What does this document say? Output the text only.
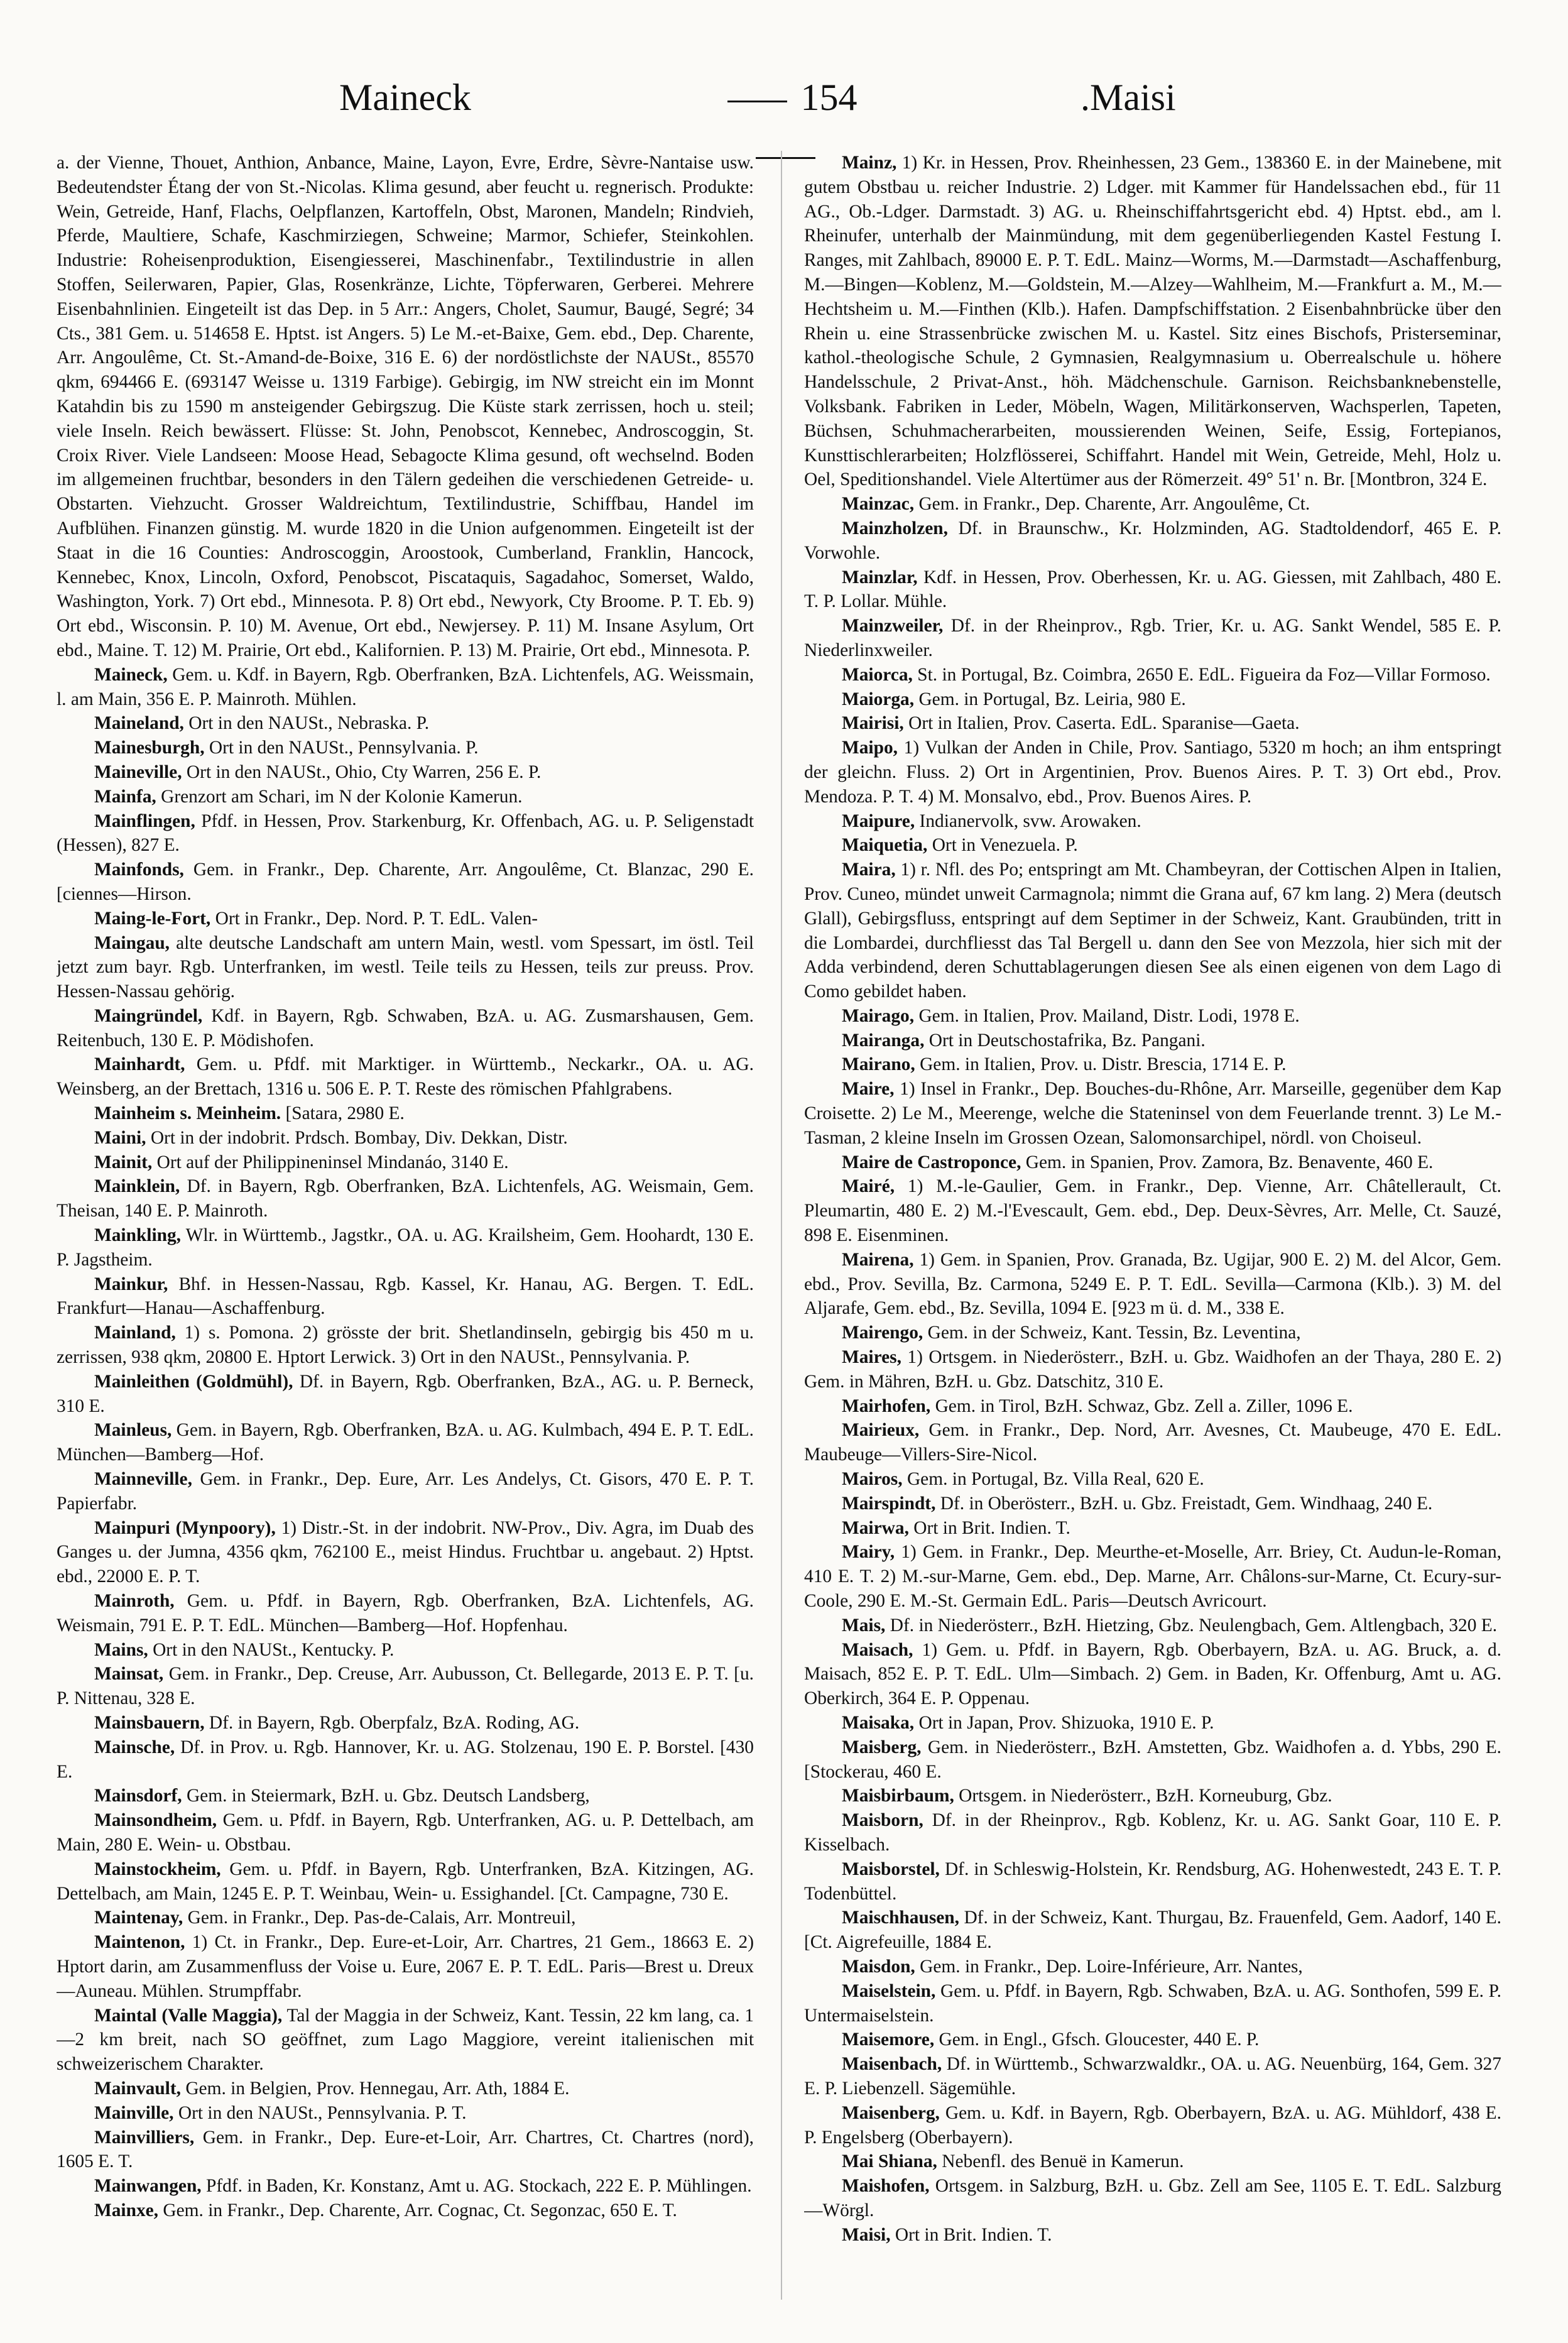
Maineck	154	.Maisi

a. der Vienne, Thouet, Anthion, Anbance, Maine, Layon, Evre, Erdre, Sèvre-Nantaise usw. Bedeutendster Étang der von St.-Nicolas. Klima gesund, aber feucht u. regnerisch. Produkte: Wein, Getreide, Hanf, Flachs, Oelpflanzen, Kartoffeln, Obst, Maronen, Mandeln; Rindvieh, Pferde, Maultiere, Schafe, Kaschmirziegen, Schweine; Marmor, Schiefer, Steinkohlen. Industrie: Roheisenproduktion, Eisengiesserei, Maschinenfabr., Textilindustrie in allen Stoffen, Seilerwaren, Papier, Glas, Rosenkränze, Lichte, Töpferwaren, Gerberei. Mehrere Eisenbahnlinien. Eingeteilt ist das Dep. in 5 Arr.: Angers, Cholet, Saumur, Baugé, Segré; 34 Cts., 381 Gem. u. 514658 E. Hptst. ist Angers. 5) Le M.-et-Baixe, Gem. ebd., Dep. Charente, Arr. Angoulême, Ct. St.-Amand-de-Boixe, 316 E. 6) der nordöstlichste der NAUSt., 85570 qkm, 694466 E. (693147 Weisse u. 1319 Farbige). Gebirgig, im NW streicht ein im Monnt Katahdin bis zu 1590 m ansteigender Gebirgszug. Die Küste stark zerrissen, hoch u. steil; viele Inseln. Reich bewässert. Flüsse: St. John, Penobscot, Kennebec, Androscoggin, St. Croix River. Viele Landseen: Moose Head, Sebagocte Klima gesund, oft wechselnd. Boden im allgemeinen fruchtbar, besonders in den Tälern gedeihen die verschiedenen Getreide- u. Obstarten. Viehzucht. Grosser Waldreichtum, Textilindustrie, Schiffbau, Handel im Aufblühen. Finanzen günstig. M. wurde 1820 in die Union aufgenommen. Eingeteilt ist der Staat in die 16 Counties: Androscoggin, Aroostook, Cumberland, Franklin, Hancock, Kennebec, Knox, Lincoln, Oxford, Penobscot, Piscataquis, Sagadahoc, Somerset, Waldo, Washington, York. 7) Ort ebd., Minnesota. P. 8) Ort ebd., Newyork, Cty Broome. P. T. Eb. 9) Ort ebd., Wisconsin. P. 10) M. Avenue, Ort ebd., Newjersey. P. 11) M. Insane Asylum, Ort ebd., Maine. T. 12) M. Prairie, Ort ebd., Kalifornien. P. 13) M. Prairie, Ort ebd., Minnesota. P.

Maineck, Gem. u. Kdf. in Bayern, Rgb. Oberfranken, BzA. Lichtenfels, AG. Weissmain, l. am Main, 356 E. P. Mainroth. Mühlen.

Maineland, Ort in den NAUSt., Nebraska. P.

Mainesburgh, Ort in den NAUSt., Pennsylvania. P.

Maineville, Ort in den NAUSt., Ohio, Cty Warren, 256 E. P.

Mainfa, Grenzort am Schari, im N der Kolonie Kamerun.

Mainflingen, Pfdf. in Hessen, Prov. Starkenburg, Kr. Offenbach, AG. u. P. Seligenstadt (Hessen), 827 E.

Mainfonds, Gem. in Frankr., Dep. Charente, Arr. Angoulême, Ct. Blanzac, 290 E. [ciennes—Hirson.

Maing-le-Fort, Ort in Frankr., Dep. Nord. P. T. EdL. Valen-

Maingau, alte deutsche Landschaft am untern Main, westl. vom Spessart, im östl. Teil jetzt zum bayr. Rgb. Unterfranken, im westl. Teile teils zu Hessen, teils zur preuss. Prov. Hessen-Nassau gehörig.

Maingründel, Kdf. in Bayern, Rgb. Schwaben, BzA. u. AG. Zusmarshausen, Gem. Reitenbuch, 130 E. P. Mödishofen.

Mainhardt, Gem. u. Pfdf. mit Marktiger. in Württemb., Neckarkr., OA. u. AG. Weinsberg, an der Brettach, 1316 u. 506 E. P. T. Reste des römischen Pfahlgrabens.

Mainheim s. Meinheim. [Satara, 2980 E.

Maini, Ort in der indobrit. Prdsch. Bombay, Div. Dekkan, Distr.

Mainit, Ort auf der Philippineninsel Mindanáo, 3140 E.

Mainklein, Df. in Bayern, Rgb. Oberfranken, BzA. Lichtenfels, AG. Weismain, Gem. Theisan, 140 E. P. Mainroth.

Mainkling, Wlr. in Württemb., Jagstkr., OA. u. AG. Krailsheim, Gem. Hoohardt, 130 E. P. Jagstheim.

Mainkur, Bhf. in Hessen-Nassau, Rgb. Kassel, Kr. Hanau, AG. Bergen. T. EdL. Frankfurt—Hanau—Aschaffenburg.

Mainland, 1) s. Pomona. 2) grösste der brit. Shetlandinseln, gebirgig bis 450 m u. zerrissen, 938 qkm, 20800 E. Hptort Lerwick. 3) Ort in den NAUSt., Pennsylvania. P.

Mainleithen (Goldmühl), Df. in Bayern, Rgb. Oberfranken, BzA., AG. u. P. Berneck, 310 E.

Mainleus, Gem. in Bayern, Rgb. Oberfranken, BzA. u. AG. Kulmbach, 494 E. P. T. EdL. München—Bamberg—Hof.

Mainneville, Gem. in Frankr., Dep. Eure, Arr. Les Andelys, Ct. Gisors, 470 E. P. T. Papierfabr.

Mainpuri (Mynpoory), 1) Distr.-St. in der indobrit. NW-Prov., Div. Agra, im Duab des Ganges u. der Jumna, 4356 qkm, 762100 E., meist Hindus. Fruchtbar u. angebaut. 2) Hptst. ebd., 22000 E. P. T.

Mainroth, Gem. u. Pfdf. in Bayern, Rgb. Oberfranken, BzA. Lichtenfels, AG. Weismain, 791 E. P. T. EdL. München—Bamberg—Hof. Hopfenhau.

Mains, Ort in den NAUSt., Kentucky. P.

Mainsat, Gem. in Frankr., Dep. Creuse, Arr. Aubusson, Ct. Bellegarde, 2013 E. P. T. [u. P. Nittenau, 328 E.

Mainsbauern, Df. in Bayern, Rgb. Oberpfalz, BzA. Roding, AG.

Mainsche, Df. in Prov. u. Rgb. Hannover, Kr. u. AG. Stolzenau, 190 E. P. Borstel. [430 E.

Mainsdorf, Gem. in Steiermark, BzH. u. Gbz. Deutsch Landsberg,

Mainsondheim, Gem. u. Pfdf. in Bayern, Rgb. Unterfranken, AG. u. P. Dettelbach, am Main, 280 E. Wein- u. Obstbau.

Mainstockheim, Gem. u. Pfdf. in Bayern, Rgb. Unterfranken, BzA. Kitzingen, AG. Dettelbach, am Main, 1245 E. P. T. Weinbau, Wein- u. Essighandel. [Ct. Campagne, 730 E.

Maintenay, Gem. in Frankr., Dep. Pas-de-Calais, Arr. Montreuil,

Maintenon, 1) Ct. in Frankr., Dep. Eure-et-Loir, Arr. Chartres, 21 Gem., 18663 E. 2) Hptort darin, am Zusammenfluss der Voise u. Eure, 2067 E. P. T. EdL. Paris—Brest u. Dreux—Auneau. Mühlen. Strumpffabr.

Maintal (Valle Maggia), Tal der Maggia in der Schweiz, Kant. Tessin, 22 km lang, ca. 1—2 km breit, nach SO geöffnet, zum Lago Maggiore, vereint italienischen mit schweizerischem Charakter.

Mainvault, Gem. in Belgien, Prov. Hennegau, Arr. Ath, 1884 E.

Mainville, Ort in den NAUSt., Pennsylvania. P. T.

Mainvilliers, Gem. in Frankr., Dep. Eure-et-Loir, Arr. Chartres, Ct. Chartres (nord), 1605 E. T.

Mainwangen, Pfdf. in Baden, Kr. Konstanz, Amt u. AG. Stockach, 222 E. P. Mühlingen.

Mainxe, Gem. in Frankr., Dep. Charente, Arr. Cognac, Ct. Segonzac, 650 E. T.

Mainz, 1) Kr. in Hessen, Prov. Rheinhessen, 23 Gem., 138360 E. in der Mainebene, mit gutem Obstbau u. reicher Industrie. 2) Ldger. mit Kammer für Handelssachen ebd., für 11 AG., Ob.-Ldger. Darmstadt. 3) AG. u. Rheinschiffahrtsgericht ebd. 4) Hptst. ebd., am l. Rheinufer, unterhalb der Mainmündung, mit dem gegenüberliegenden Kastel Festung I. Ranges, mit Zahlbach, 89000 E. P. T. EdL. Mainz—Worms, M.—Darmstadt—Aschaffenburg, M.—Bingen—Koblenz, M.—Goldstein, M.—Alzey—Wahlheim, M.—Frankfurt a. M., M.—Hechtsheim u. M.—Finthen (Klb.). Hafen. Dampfschiffstation. 2 Eisenbahnbrücke über den Rhein u. eine Strassenbrücke zwischen M. u. Kastel. Sitz eines Bischofs, Pristerseminar, kathol.-theologische Schule, 2 Gymnasien, Realgymnasium u. Oberrealschule u. höhere Handelsschule, 2 Privat-Anst., höh. Mädchenschule. Garnison. Reichsbanknebenstelle, Volksbank. Fabriken in Leder, Möbeln, Wagen, Militärkonserven, Wachsperlen, Tapeten, Büchsen, Schuhmacherarbeiten, moussierenden Weinen, Seife, Essig, Fortepianos, Kunsttischlerarbeiten; Holzflösserei, Schiffahrt. Handel mit Wein, Getreide, Mehl, Holz u. Oel, Speditionshandel. Viele Altertümer aus der Römerzeit. 49° 51' n. Br. [Montbron, 324 E.

Mainzac, Gem. in Frankr., Dep. Charente, Arr. Angoulême, Ct.

Mainzholzen, Df. in Braunschw., Kr. Holzminden, AG. Stadtoldendorf, 465 E. P. Vorwohle.

Mainzlar, Kdf. in Hessen, Prov. Oberhessen, Kr. u. AG. Giessen, mit Zahlbach, 480 E. T. P. Lollar. Mühle.

Mainzweiler, Df. in der Rheinprov., Rgb. Trier, Kr. u. AG. Sankt Wendel, 585 E. P. Niederlinxweiler.

Maiorca, St. in Portugal, Bz. Coimbra, 2650 E. EdL. Figueira da Foz—Villar Formoso.

Maiorga, Gem. in Portugal, Bz. Leiria, 980 E.

Mairisi, Ort in Italien, Prov. Caserta. EdL. Sparanise—Gaeta.

Maipo, 1) Vulkan der Anden in Chile, Prov. Santiago, 5320 m hoch; an ihm entspringt der gleichn. Fluss. 2) Ort in Argentinien, Prov. Buenos Aires. P. T. 3) Ort ebd., Prov. Mendoza. P. T. 4) M. Monsalvo, ebd., Prov. Buenos Aires. P.

Maipure, Indianervolk, svw. Arowaken.

Maiquetia, Ort in Venezuela. P.

Maira, 1) r. Nfl. des Po; entspringt am Mt. Chambeyran, der Cottischen Alpen in Italien, Prov. Cuneo, mündet unweit Carmagnola; nimmt die Grana auf, 67 km lang. 2) Mera (deutsch Glall), Gebirgsfluss, entspringt auf dem Septimer in der Schweiz, Kant. Graubünden, tritt in die Lombardei, durchfliesst das Tal Bergell u. dann den See von Mezzola, hier sich mit der Adda verbindend, deren Schuttablagerungen diesen See als einen eigenen von dem Lago di Como gebildet haben.

Mairago, Gem. in Italien, Prov. Mailand, Distr. Lodi, 1978 E.

Mairanga, Ort in Deutschostafrika, Bz. Pangani.

Mairano, Gem. in Italien, Prov. u. Distr. Brescia, 1714 E. P.

Maire, 1) Insel in Frankr., Dep. Bouches-du-Rhône, Arr. Marseille, gegenüber dem Kap Croisette. 2) Le M., Meerenge, welche die Stateninsel von dem Feuerlande trennt. 3) Le M.-Tasman, 2 kleine Inseln im Grossen Ozean, Salomonsarchipel, nördl. von Choiseul.

Maire de Castroponce, Gem. in Spanien, Prov. Zamora, Bz. Benavente, 460 E.

Mairé, 1) M.-le-Gaulier, Gem. in Frankr., Dep. Vienne, Arr. Châtellerault, Ct. Pleumartin, 480 E. 2) M.-l'Evescault, Gem. ebd., Dep. Deux-Sèvres, Arr. Melle, Ct. Sauzé, 898 E. Eisenminen.

Mairena, 1) Gem. in Spanien, Prov. Granada, Bz. Ugijar, 900 E. 2) M. del Alcor, Gem. ebd., Prov. Sevilla, Bz. Carmona, 5249 E. P. T. EdL. Sevilla—Carmona (Klb.). 3) M. del Aljarafe, Gem. ebd., Bz. Sevilla, 1094 E. [923 m ü. d. M., 338 E.

Mairengo, Gem. in der Schweiz, Kant. Tessin, Bz. Leventina,

Maires, 1) Ortsgem. in Niederösterr., BzH. u. Gbz. Waidhofen an der Thaya, 280 E. 2) Gem. in Mähren, BzH. u. Gbz. Datschitz, 310 E.

Mairhofen, Gem. in Tirol, BzH. Schwaz, Gbz. Zell a. Ziller, 1096 E.

Mairieux, Gem. in Frankr., Dep. Nord, Arr. Avesnes, Ct. Maubeuge, 470 E. EdL. Maubeuge—Villers-Sire-Nicol.

Mairos, Gem. in Portugal, Bz. Villa Real, 620 E.

Mairspindt, Df. in Oberösterr., BzH. u. Gbz. Freistadt, Gem. Windhaag, 240 E.

Mairwa, Ort in Brit. Indien. T.

Mairy, 1) Gem. in Frankr., Dep. Meurthe-et-Moselle, Arr. Briey, Ct. Audun-le-Roman, 410 E. T. 2) M.-sur-Marne, Gem. ebd., Dep. Marne, Arr. Châlons-sur-Marne, Ct. Ecury-sur-Coole, 290 E. M.-St. Germain EdL. Paris—Deutsch Avricourt.

Mais, Df. in Niederösterr., BzH. Hietzing, Gbz. Neulengbach, Gem. Altlengbach, 320 E.

Maisach, 1) Gem. u. Pfdf. in Bayern, Rgb. Oberbayern, BzA. u. AG. Bruck, a. d. Maisach, 852 E. P. T. EdL. Ulm—Simbach. 2) Gem. in Baden, Kr. Offenburg, Amt u. AG. Oberkirch, 364 E. P. Oppenau.

Maisaka, Ort in Japan, Prov. Shizuoka, 1910 E. P.

Maisberg, Gem. in Niederösterr., BzH. Amstetten, Gbz. Waidhofen a. d. Ybbs, 290 E. [Stockerau, 460 E.

Maisbirbaum, Ortsgem. in Niederösterr., BzH. Korneuburg, Gbz.

Maisborn, Df. in der Rheinprov., Rgb. Koblenz, Kr. u. AG. Sankt Goar, 110 E. P. Kisselbach.

Maisborstel, Df. in Schleswig-Holstein, Kr. Rendsburg, AG. Hohenwestedt, 243 E. T. P. Todenbüttel.

Maischhausen, Df. in der Schweiz, Kant. Thurgau, Bz. Frauenfeld, Gem. Aadorf, 140 E. [Ct. Aigrefeuille, 1884 E.

Maisdon, Gem. in Frankr., Dep. Loire-Inférieure, Arr. Nantes,

Maiselstein, Gem. u. Pfdf. in Bayern, Rgb. Schwaben, BzA. u. AG. Sonthofen, 599 E. P. Untermaiselstein.

Maisemore, Gem. in Engl., Gfsch. Gloucester, 440 E. P.

Maisenbach, Df. in Württemb., Schwarzwaldkr., OA. u. AG. Neuenbürg, 164, Gem. 327 E. P. Liebenzell. Sägemühle.

Maisenberg, Gem. u. Kdf. in Bayern, Rgb. Oberbayern, BzA. u. AG. Mühldorf, 438 E. P. Engelsberg (Oberbayern).

Mai Shiana, Nebenfl. des Benuë in Kamerun.

Maishofen, Ortsgem. in Salzburg, BzH. u. Gbz. Zell am See, 1105 E. T. EdL. Salzburg—Wörgl.

Maisi, Ort in Brit. Indien. T.
